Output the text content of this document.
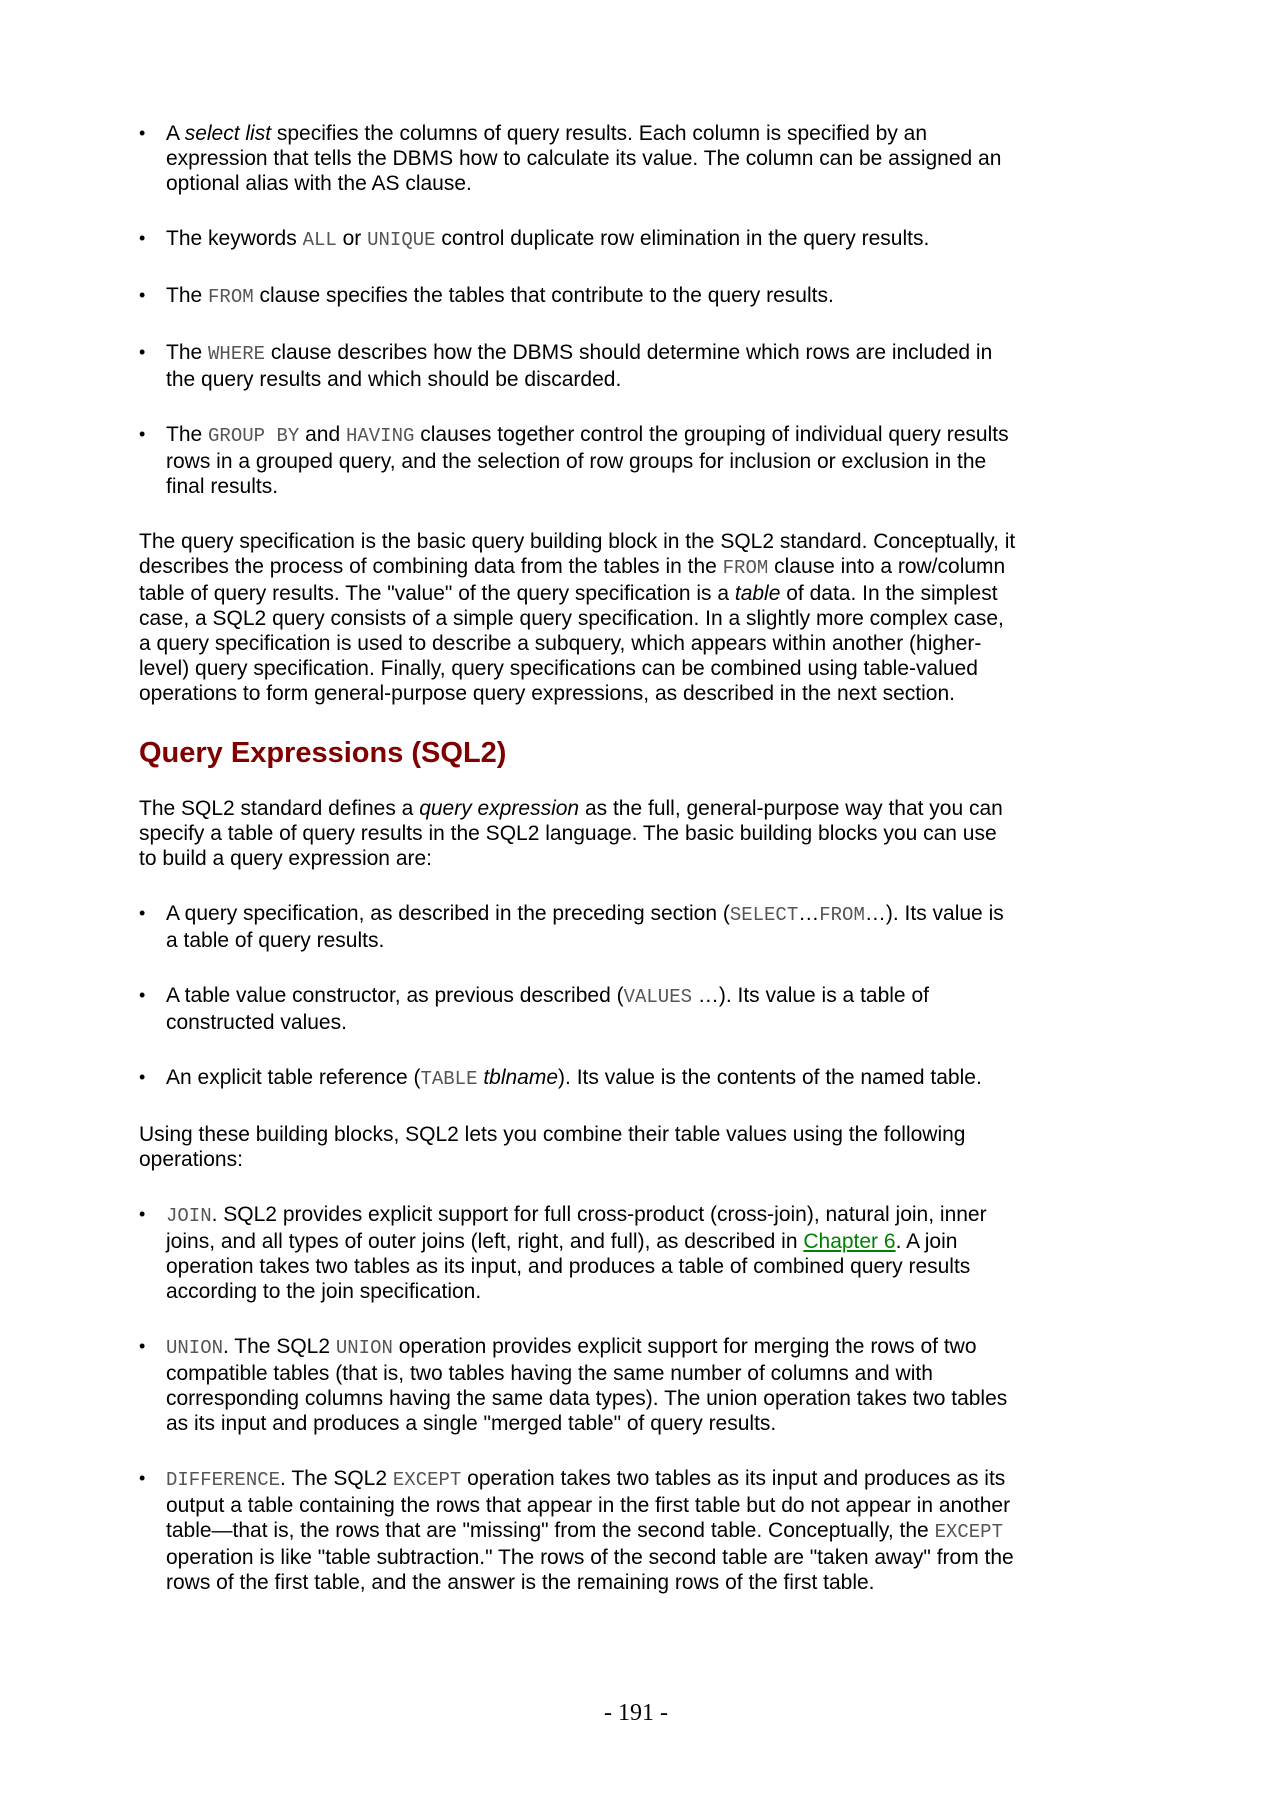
• A select list specifies the columns of query results. Each column is specified by an expression that tells the DBMS how to calculate its value. The column can be assigned an optional alias with the AS clause.
• The keywords ALL or UNIQUE control duplicate row elimination in the query results.
• The FROM clause specifies the tables that contribute to the query results.
• The WHERE clause describes how the DBMS should determine which rows are included in the query results and which should be discarded.
• The GROUP BY and HAVING clauses together control the grouping of individual query results rows in a grouped query, and the selection of row groups for inclusion or exclusion in the final results.

The query specification is the basic query building block in the SQL2 standard. Conceptually, it describes the process of combining data from the tables in the FROM clause into a row/column table of query results. The "value" of the query specification is a table of data. In the simplest case, a SQL2 query consists of a simple query specification. In a slightly more complex case, a query specification is used to describe a subquery, which appears within another (higher-level) query specification. Finally, query specifications can be combined using table-valued operations to form general-purpose query expressions, as described in the next section.

Query Expressions (SQL2)

The SQL2 standard defines a query expression as the full, general-purpose way that you can specify a table of query results in the SQL2 language. The basic building blocks you can use to build a query expression are:

• A query specification, as described in the preceding section (SELECT…FROM…). Its value is a table of query results.
• A table value constructor, as previous described (VALUES …). Its value is a table of constructed values.
• An explicit table reference (TABLE tblname). Its value is the contents of the named table.

Using these building blocks, SQL2 lets you combine their table values using the following operations:

• JOIN. SQL2 provides explicit support for full cross-product (cross-join), natural join, inner joins, and all types of outer joins (left, right, and full), as described in Chapter 6. A join operation takes two tables as its input, and produces a table of combined query results according to the join specification.
• UNION. The SQL2 UNION operation provides explicit support for merging the rows of two compatible tables (that is, two tables having the same number of columns and with corresponding columns having the same data types). The union operation takes two tables as its input and produces a single "merged table" of query results.
• DIFFERENCE. The SQL2 EXCEPT operation takes two tables as its input and produces as its output a table containing the rows that appear in the first table but do not appear in another table—that is, the rows that are "missing" from the second table. Conceptually, the EXCEPT operation is like "table subtraction." The rows of the second table are "taken away" from the rows of the first table, and the answer is the remaining rows of the first table.
- 191 -
